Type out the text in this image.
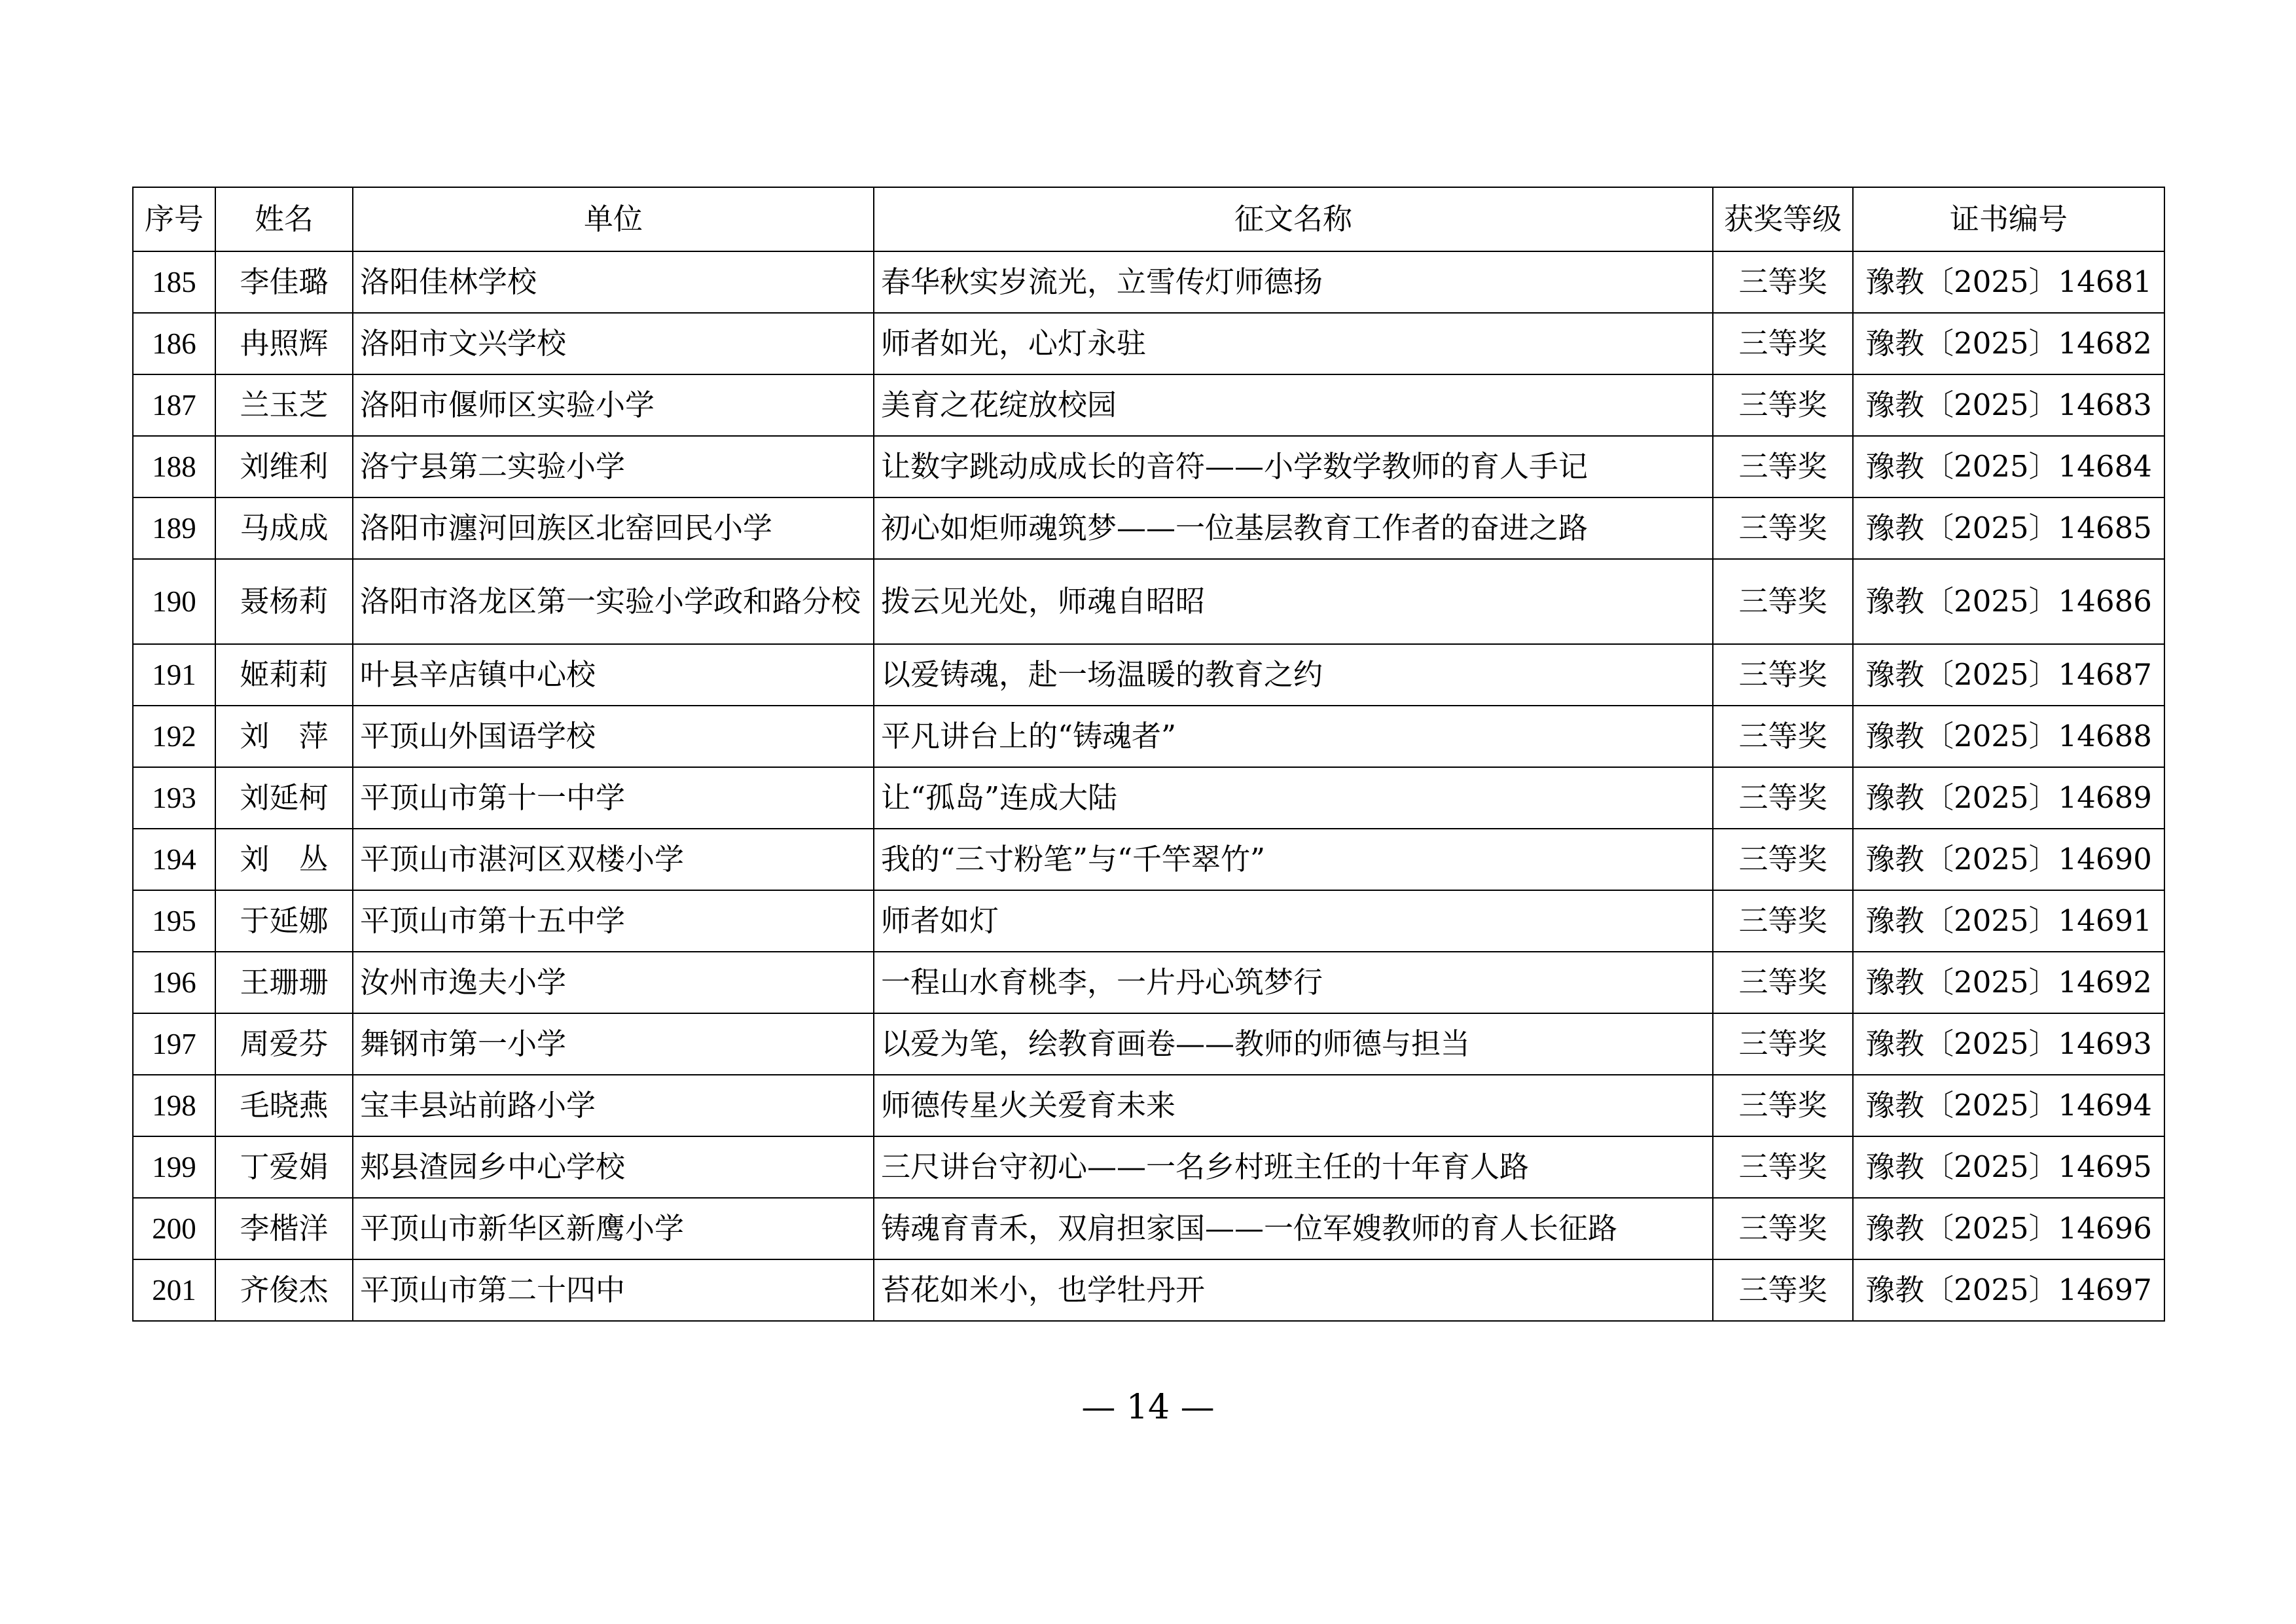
序号	姓名	单位	征文名称	获奖等级	证书编号
185	李佳璐	洛阳佳林学校	春华秋实岁流光，立雪传灯师德扬	三等奖	豫教〔2025〕14681
186	冉照辉	洛阳市文兴学校	师者如光，心灯永驻	三等奖	豫教〔2025〕14682
187	兰玉芝	洛阳市偃师区实验小学	美育之花绽放校园	三等奖	豫教〔2025〕14683
188	刘维利	洛宁县第二实验小学	让数字跳动成成长的音符——小学数学教师的育人手记	三等奖	豫教〔2025〕14684
189	马成成	洛阳市瀍河回族区北窑回民小学	初心如炬师魂筑梦——一位基层教育工作者的奋进之路	三等奖	豫教〔2025〕14685
190	聂杨莉	洛阳市洛龙区第一实验小学政和路分校	拨云见光处，师魂自昭昭	三等奖	豫教〔2025〕14686
191	姬莉莉	叶县辛店镇中心校	以爱铸魂，赴一场温暖的教育之约	三等奖	豫教〔2025〕14687
192	刘　萍	平顶山外国语学校	平凡讲台上的“铸魂者”	三等奖	豫教〔2025〕14688
193	刘延柯	平顶山市第十一中学	让“孤岛”连成大陆	三等奖	豫教〔2025〕14689
194	刘　丛	平顶山市湛河区双楼小学	我的“三寸粉笔”与“千竿翠竹”	三等奖	豫教〔2025〕14690
195	于延娜	平顶山市第十五中学	师者如灯	三等奖	豫教〔2025〕14691
196	王珊珊	汝州市逸夫小学	一程山水育桃李，一片丹心筑梦行	三等奖	豫教〔2025〕14692
197	周爱芬	舞钢市第一小学	以爱为笔，绘教育画卷——教师的师德与担当	三等奖	豫教〔2025〕14693
198	毛晓燕	宝丰县站前路小学	师德传星火关爱育未来	三等奖	豫教〔2025〕14694
199	丁爱娟	郏县渣园乡中心学校	三尺讲台守初心——一名乡村班主任的十年育人路	三等奖	豫教〔2025〕14695
200	李楷洋	平顶山市新华区新鹰小学	铸魂育青禾，双肩担家国——一位军嫂教师的育人长征路	三等奖	豫教〔2025〕14696
201	齐俊杰	平顶山市第二十四中	苔花如米小，也学牡丹开	三等奖	豫教〔2025〕14697
— 14 —
